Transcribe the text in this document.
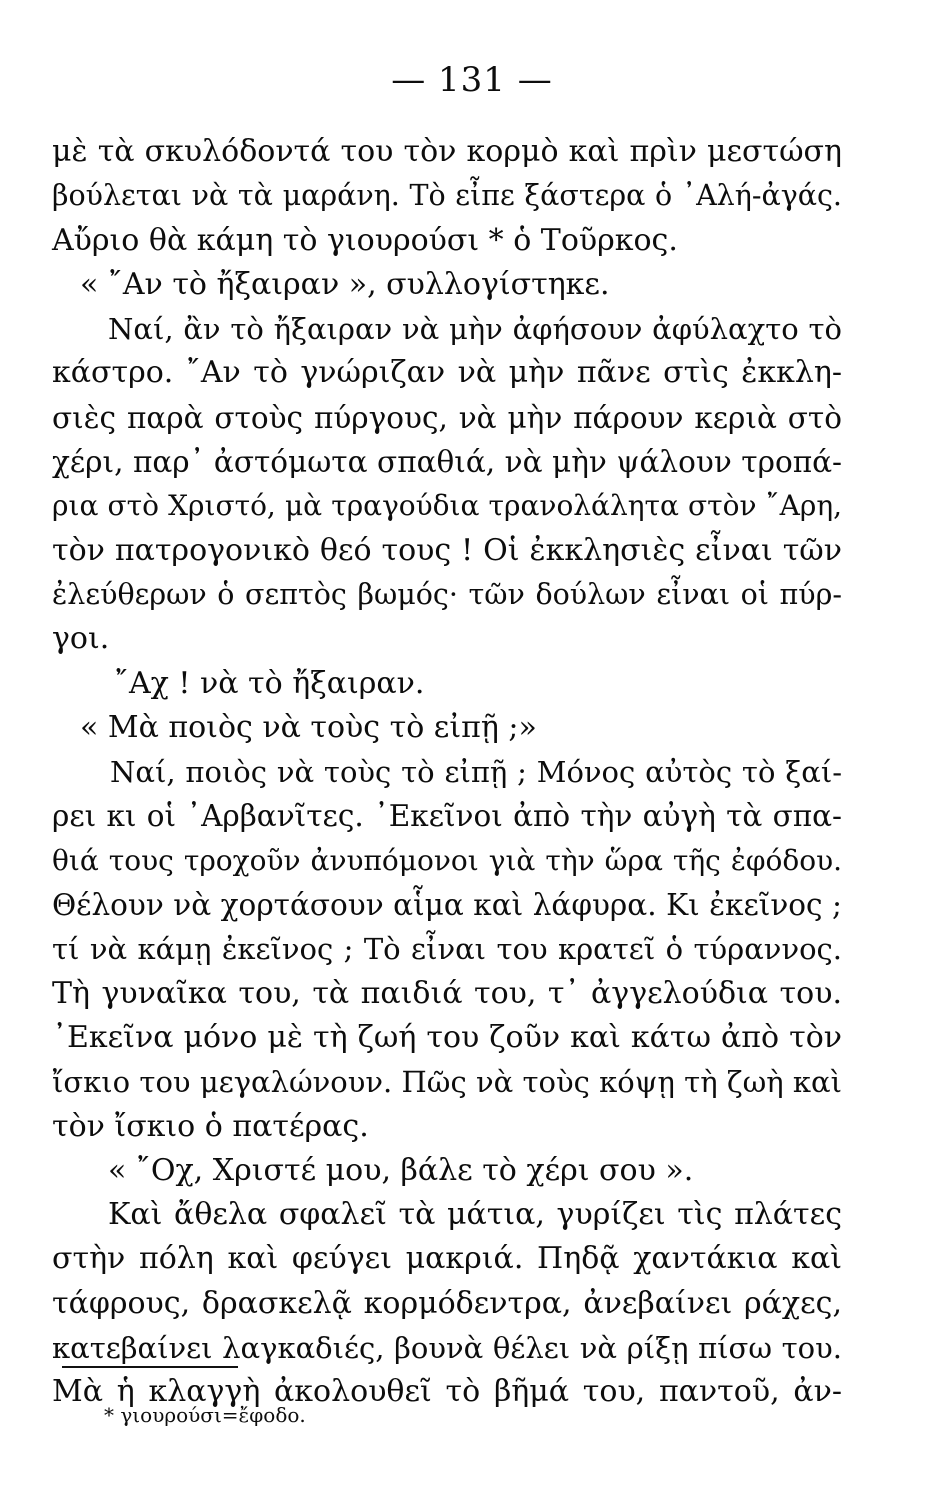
— 131 —
μὲ τὰ σκυλόδοντά του τὸν κορμὸ καὶ πρὶν μεστώση
βούλεται νὰ τὰ μαράνη. Τὸ εἶπε ξάστερα ὁ ᾿Αλή-ἀγάς.
Αὔριο θὰ κάμη τὸ γιουρούσι * ὁ Τοῦρκος.
« ῎Αν τὸ ἤξαιραν », συλλογίστηκε.
Ναί, ἂν τὸ ἤξαιραν νὰ μὴν ἀφήσουν ἀφύλαχτο τὸ
κάστρο. ῎Αν τὸ γνώριζαν νὰ μὴν πᾶνε στὶς ἐκκλη-
σιὲς παρὰ στοὺς πύργους, νὰ μὴν πάρουν κεριὰ στὸ
χέρι, παρ᾿ ἀστόμωτα σπαθιά, νὰ μὴν ψάλουν τροπά-
ρια στὸ Χριστό, μὰ τραγούδια τρανολάλητα στὸν ῎Αρη,
τὸν πατρογονικὸ θεό τους ! Οἱ ἐκκλησιὲς εἶναι τῶν
ἐλεύθερων ὁ σεπτὸς βωμός· τῶν δούλων εἶναι οἱ πύρ-
γοι.
῎Αχ ! νὰ τὸ ἤξαιραν.
« Μὰ ποιὸς νὰ τοὺς τὸ εἰπῇ ;»
Ναί, ποιὸς νὰ τοὺς τὸ εἰπῇ ; Μόνος αὐτὸς τὸ ξαί-
ρει κι οἱ ᾿Αρβανῖτες. ᾿Εκεῖνοι ἀπὸ τὴν αὐγὴ τὰ σπα-
θιά τους τροχοῦν ἀνυπόμονοι γιὰ τὴν ὥρα τῆς ἐφόδου.
Θέλουν νὰ χορτάσουν αἷμα καὶ λάφυρα. Κι ἐκεῖνος ;
τί νὰ κάμῃ ἐκεῖνος ; Τὸ εἶναι του κρατεῖ ὁ τύραννος.
Τὴ γυναῖκα του, τὰ παιδιά του, τ᾿ ἀγγελούδια του.
᾿Εκεῖνα μόνο μὲ τὴ ζωή του ζοῦν καὶ κάτω ἀπὸ τὸν
ἴσκιο του μεγαλώνουν. Πῶς νὰ τοὺς κόψῃ τὴ ζωὴ καὶ
τὸν ἴσκιο ὁ πατέρας.
« ῎Οχ, Χριστέ μου, βάλε τὸ χέρι σου ».
Καὶ ἄθελα σφαλεῖ τὰ μάτια, γυρίζει τὶς πλάτες
στὴν πόλη καὶ φεύγει μακριά. Πηδᾷ χαντάκια καὶ
τάφρους, δρασκελᾷ κορμόδεντρα, ἀνεβαίνει ράχες,
κατεβαίνει λαγκαδιές, βουνὰ θέλει νὰ ρίξῃ πίσω του.
Μὰ ἡ κλαγγὴ ἀκολουθεῖ τὸ βῆμά του, παντοῦ, ἀν-
* γιουρούσι=ἔφοδο.
